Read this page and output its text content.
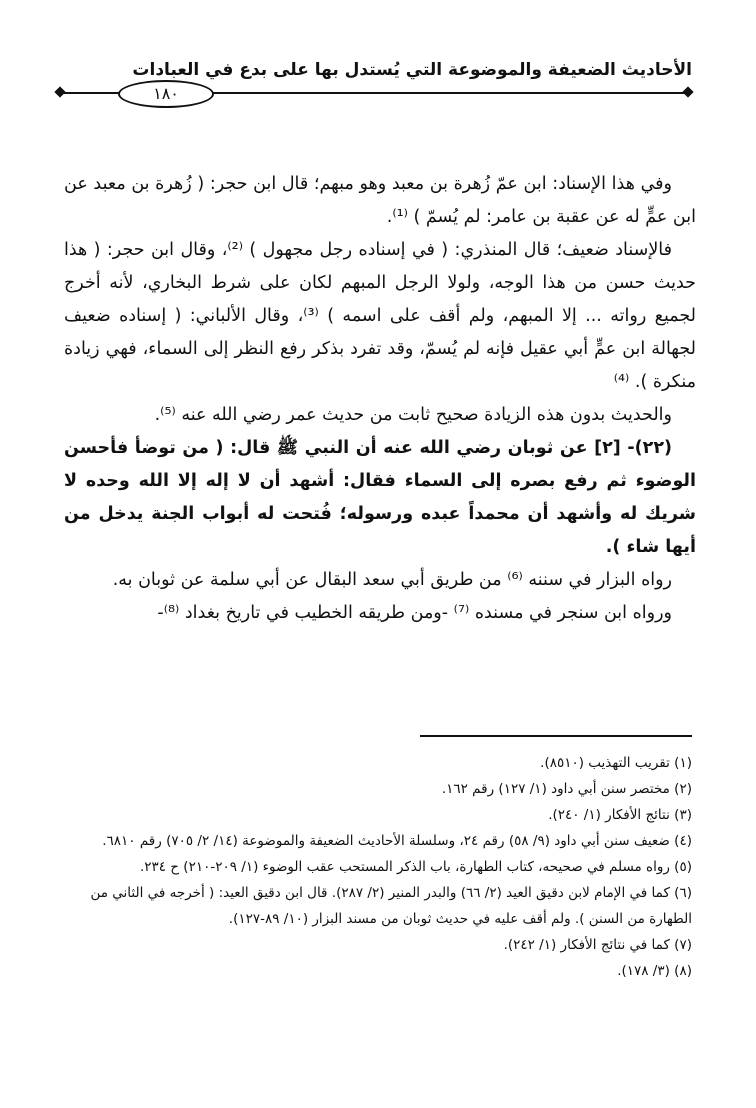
الأحاديث الضعيفة والموضوعة التي يُستدل بها على بدع في العبادات
١٨٠

وفي هذا الإسناد: ابن عمّ زُهرة بن معبد وهو مبهم؛ قال ابن حجر: ( زُهرة بن معبد عن ابن عمٍّ له عن عقبة بن عامر: لم يُسمّ ) ⁽¹⁾.

فالإسناد ضعيف؛ قال المنذري: ( في إسناده رجل مجهول ) ⁽²⁾، وقال ابن حجر: ( هذا حديث حسن من هذا الوجه، ولولا الرجل المبهم لكان على شرط البخاري، لأنه أخرج لجميع رواته ... إلا المبهم، ولم أقف على اسمه ) ⁽³⁾، وقال الألباني: ( إسناده ضعيف لجهالة ابن عمٍّ أبي عقيل فإنه لم يُسمّ، وقد تفرد بذكر رفع النظر إلى السماء، فهي زيادة منكرة ). ⁽⁴⁾

والحديث بدون هذه الزيادة صحيح ثابت من حديث عمر رضي الله عنه ⁽⁵⁾.

(٢٢)- [٢] عن ثوبان رضي الله عنه أن النبي ﷺ قال: ( من توضأ فأحسن الوضوء ثم رفع بصره إلى السماء فقال: أشهد أن لا إله إلا الله وحده لا شريك له وأشهد أن محمداً عبده ورسوله؛ فُتحت له أبواب الجنة يدخل من أيها شاء ).

رواه البزار في سننه ⁽⁶⁾ من طريق أبي سعد البقال عن أبي سلمة عن ثوبان به.

ورواه ابن سنجر في مسنده ⁽⁷⁾ -ومن طريقه الخطيب في تاريخ بغداد ⁽⁸⁾-

(١) تقريب التهذيب (٨٥١٠).
(٢) مختصر سنن أبي داود (١/ ١٢٧) رقم ١٦٢.
(٣) نتائج الأفكار (١/ ٢٤٠).
(٤) ضعيف سنن أبي داود (٩/ ٥٨) رقم ٢٤، وسلسلة الأحاديث الضعيفة والموضوعة (١٤/ ٢/ ٧٠٥) رقم ٦٨١٠.
(٥) رواه مسلم في صحيحه، كتاب الطهارة، باب الذكر المستحب عقب الوضوء (١/ ٢٠٩-٢١٠) ح ٢٣٤.
(٦) كما في الإمام لابن دقيق العيد (٢/ ٦٦) والبدر المنير (٢/ ٢٨٧). قال ابن دقيق العيد: ( أخرجه في الثاني من الطهارة من السنن ). ولم أقف عليه في حديث ثوبان من مسند البزار (١٠/ ٨٩-١٢٧).
(٧) كما في نتائج الأفكار (١/ ٢٤٢).
(٨) (٣/ ١٧٨).
